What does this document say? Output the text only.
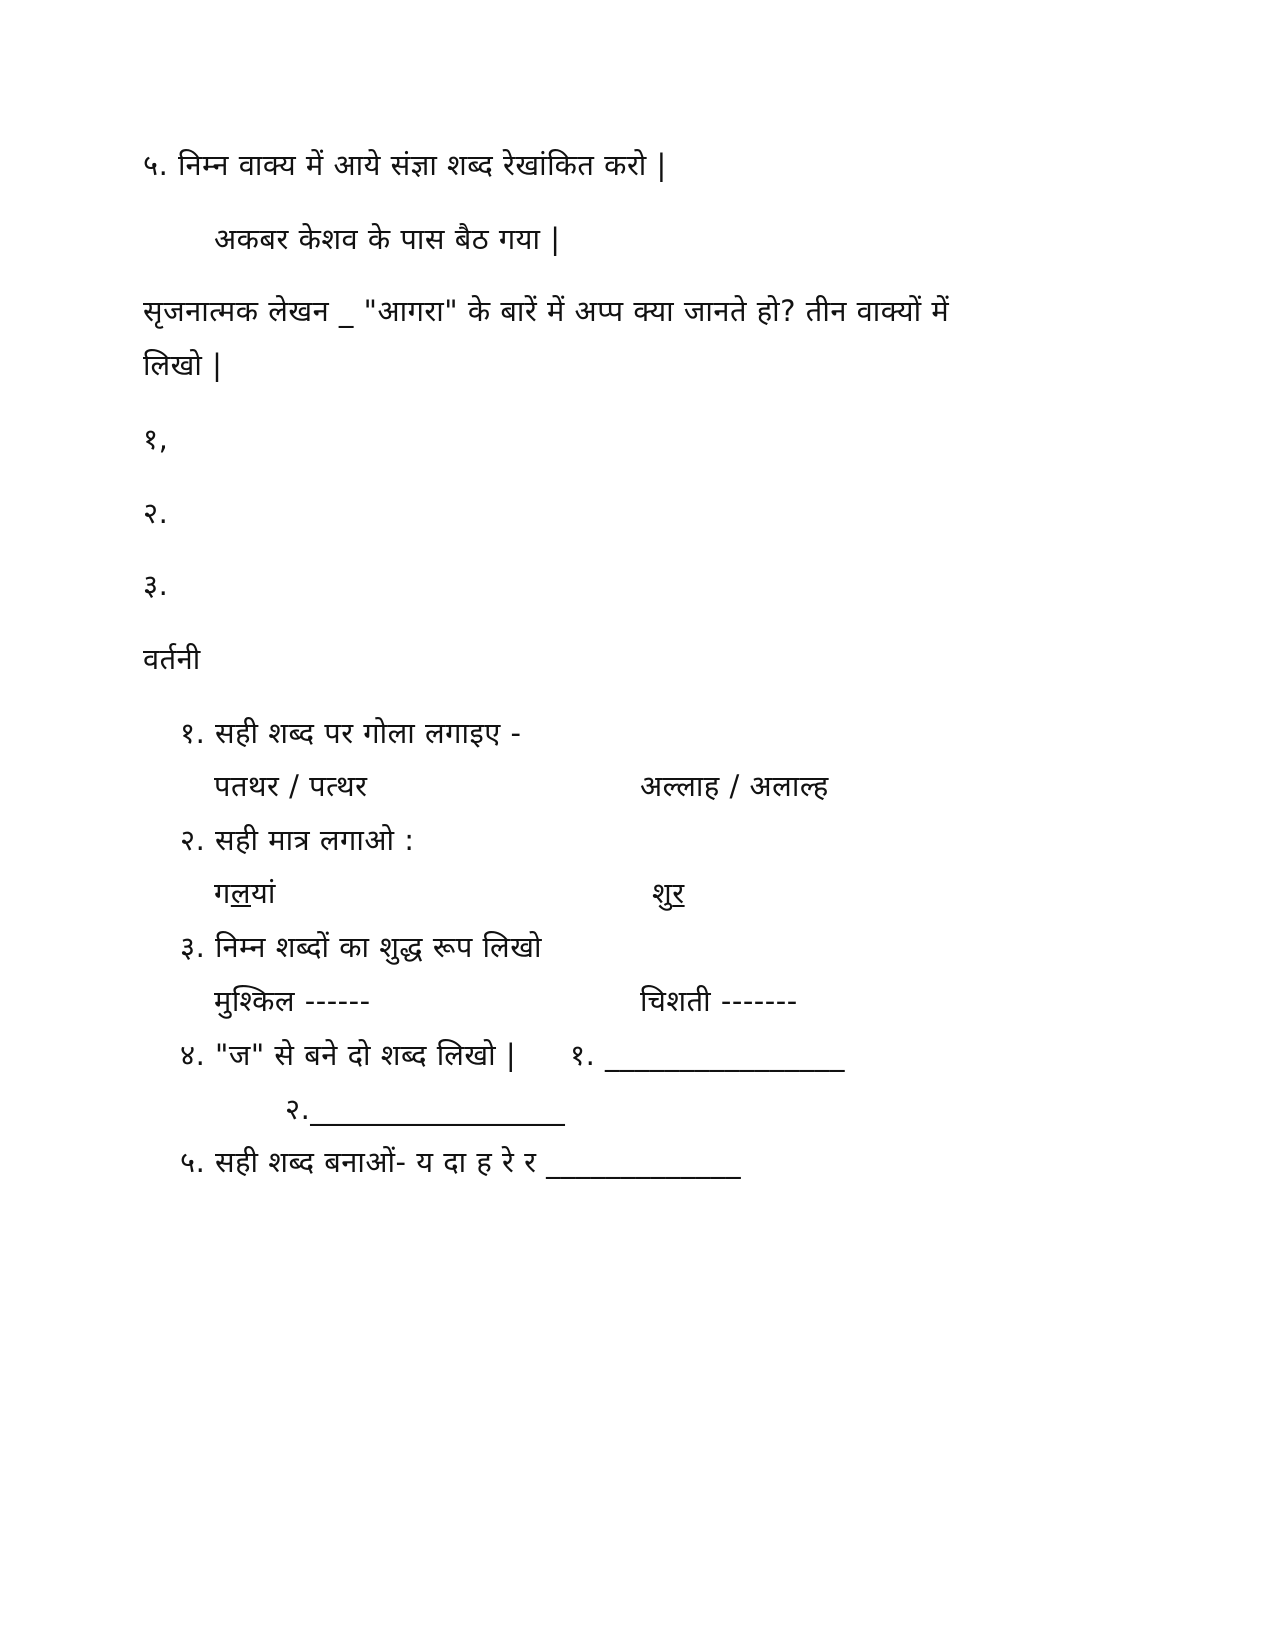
५. निम्न वाक्य में आये संज्ञा शब्द रेखांकित करो |
अकबर केशव के पास बैठ गया |
सृजनात्मक लेखन _ "आगरा" के बारें में अप्प क्या जानते हो? तीन वाक्यों में
लिखो |
१,
२.
३.
वर्तनी
१. सही शब्द पर गोला लगाइए -
पतथर / पत्थर	अल्लाह / अलाल्ह
२. सही मात्र लगाओ :
गलयां	शुर
३. निम्न शब्दों का शुद्ध रूप लिखो
मुश्किल ------	चिशती -------
४. "ज" से बने दो शब्द लिखो | १. ________________
२._________________
५. सही शब्द बनाओं- य दा ह रे र _____________
